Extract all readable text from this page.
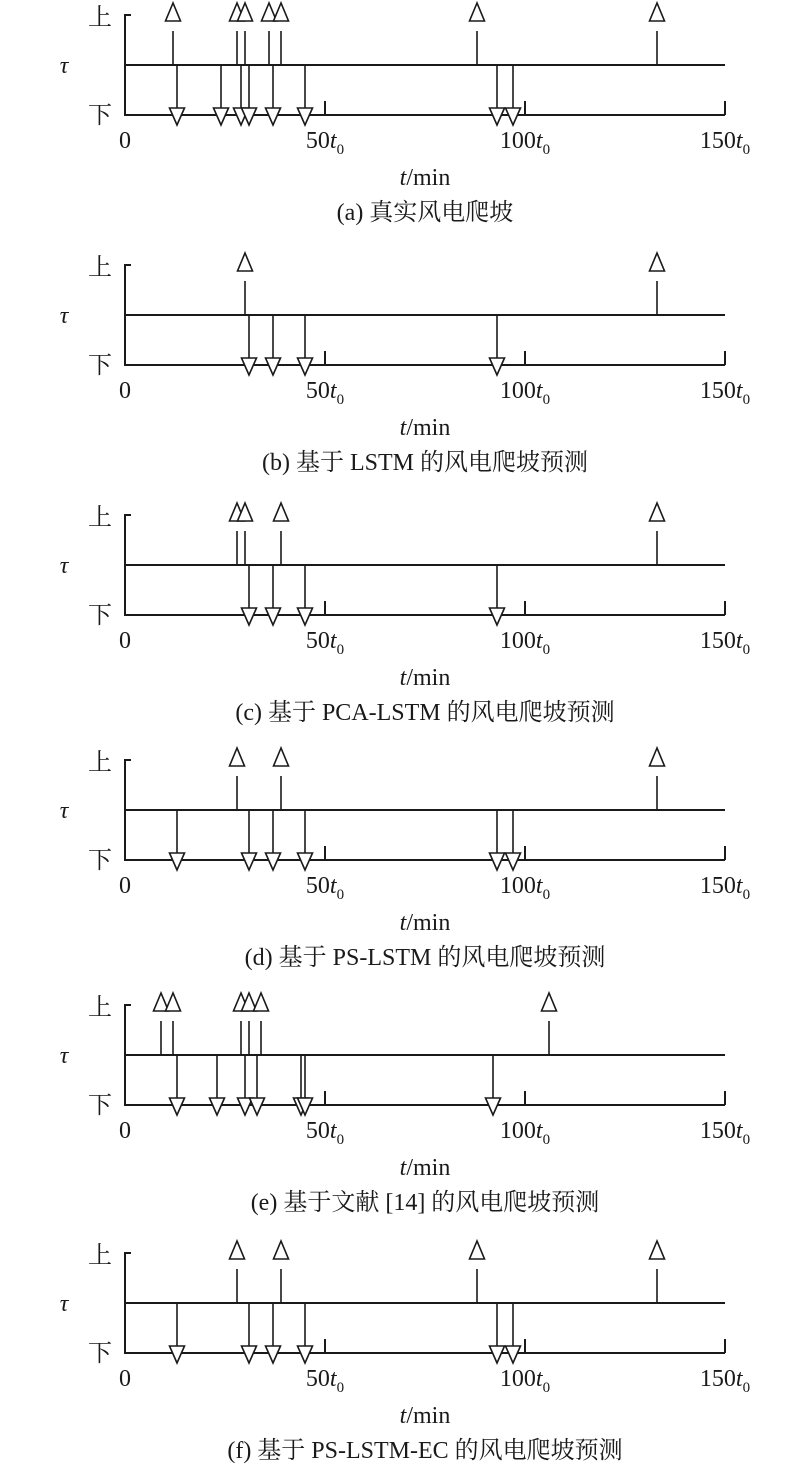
上
下
τ
0	$50t_0$	$100t_0$	$150t_0$
t/min
(a) 真实风电爬坡
上
下
τ
0	$50t_0$	$100t_0$	$150t_0$
t/min
(b) 基于 LSTM 的风电爬坡预测
上
下
τ
0	$50t_0$	$100t_0$	$150t_0$
t/min
(c) 基于 PCA-LSTM 的风电爬坡预测
上
下
τ
0	$50t_0$	$100t_0$	$150t_0$
t/min
(d) 基于 PS-LSTM 的风电爬坡预测
上
下
τ
0	$50t_0$	$100t_0$	$150t_0$
t/min
(e) 基于文献 [14] 的风电爬坡预测
上
下
τ
0	$50t_0$	$100t_0$	$150t_0$
t/min
(f) 基于 PS-LSTM-EC 的风电爬坡预测
